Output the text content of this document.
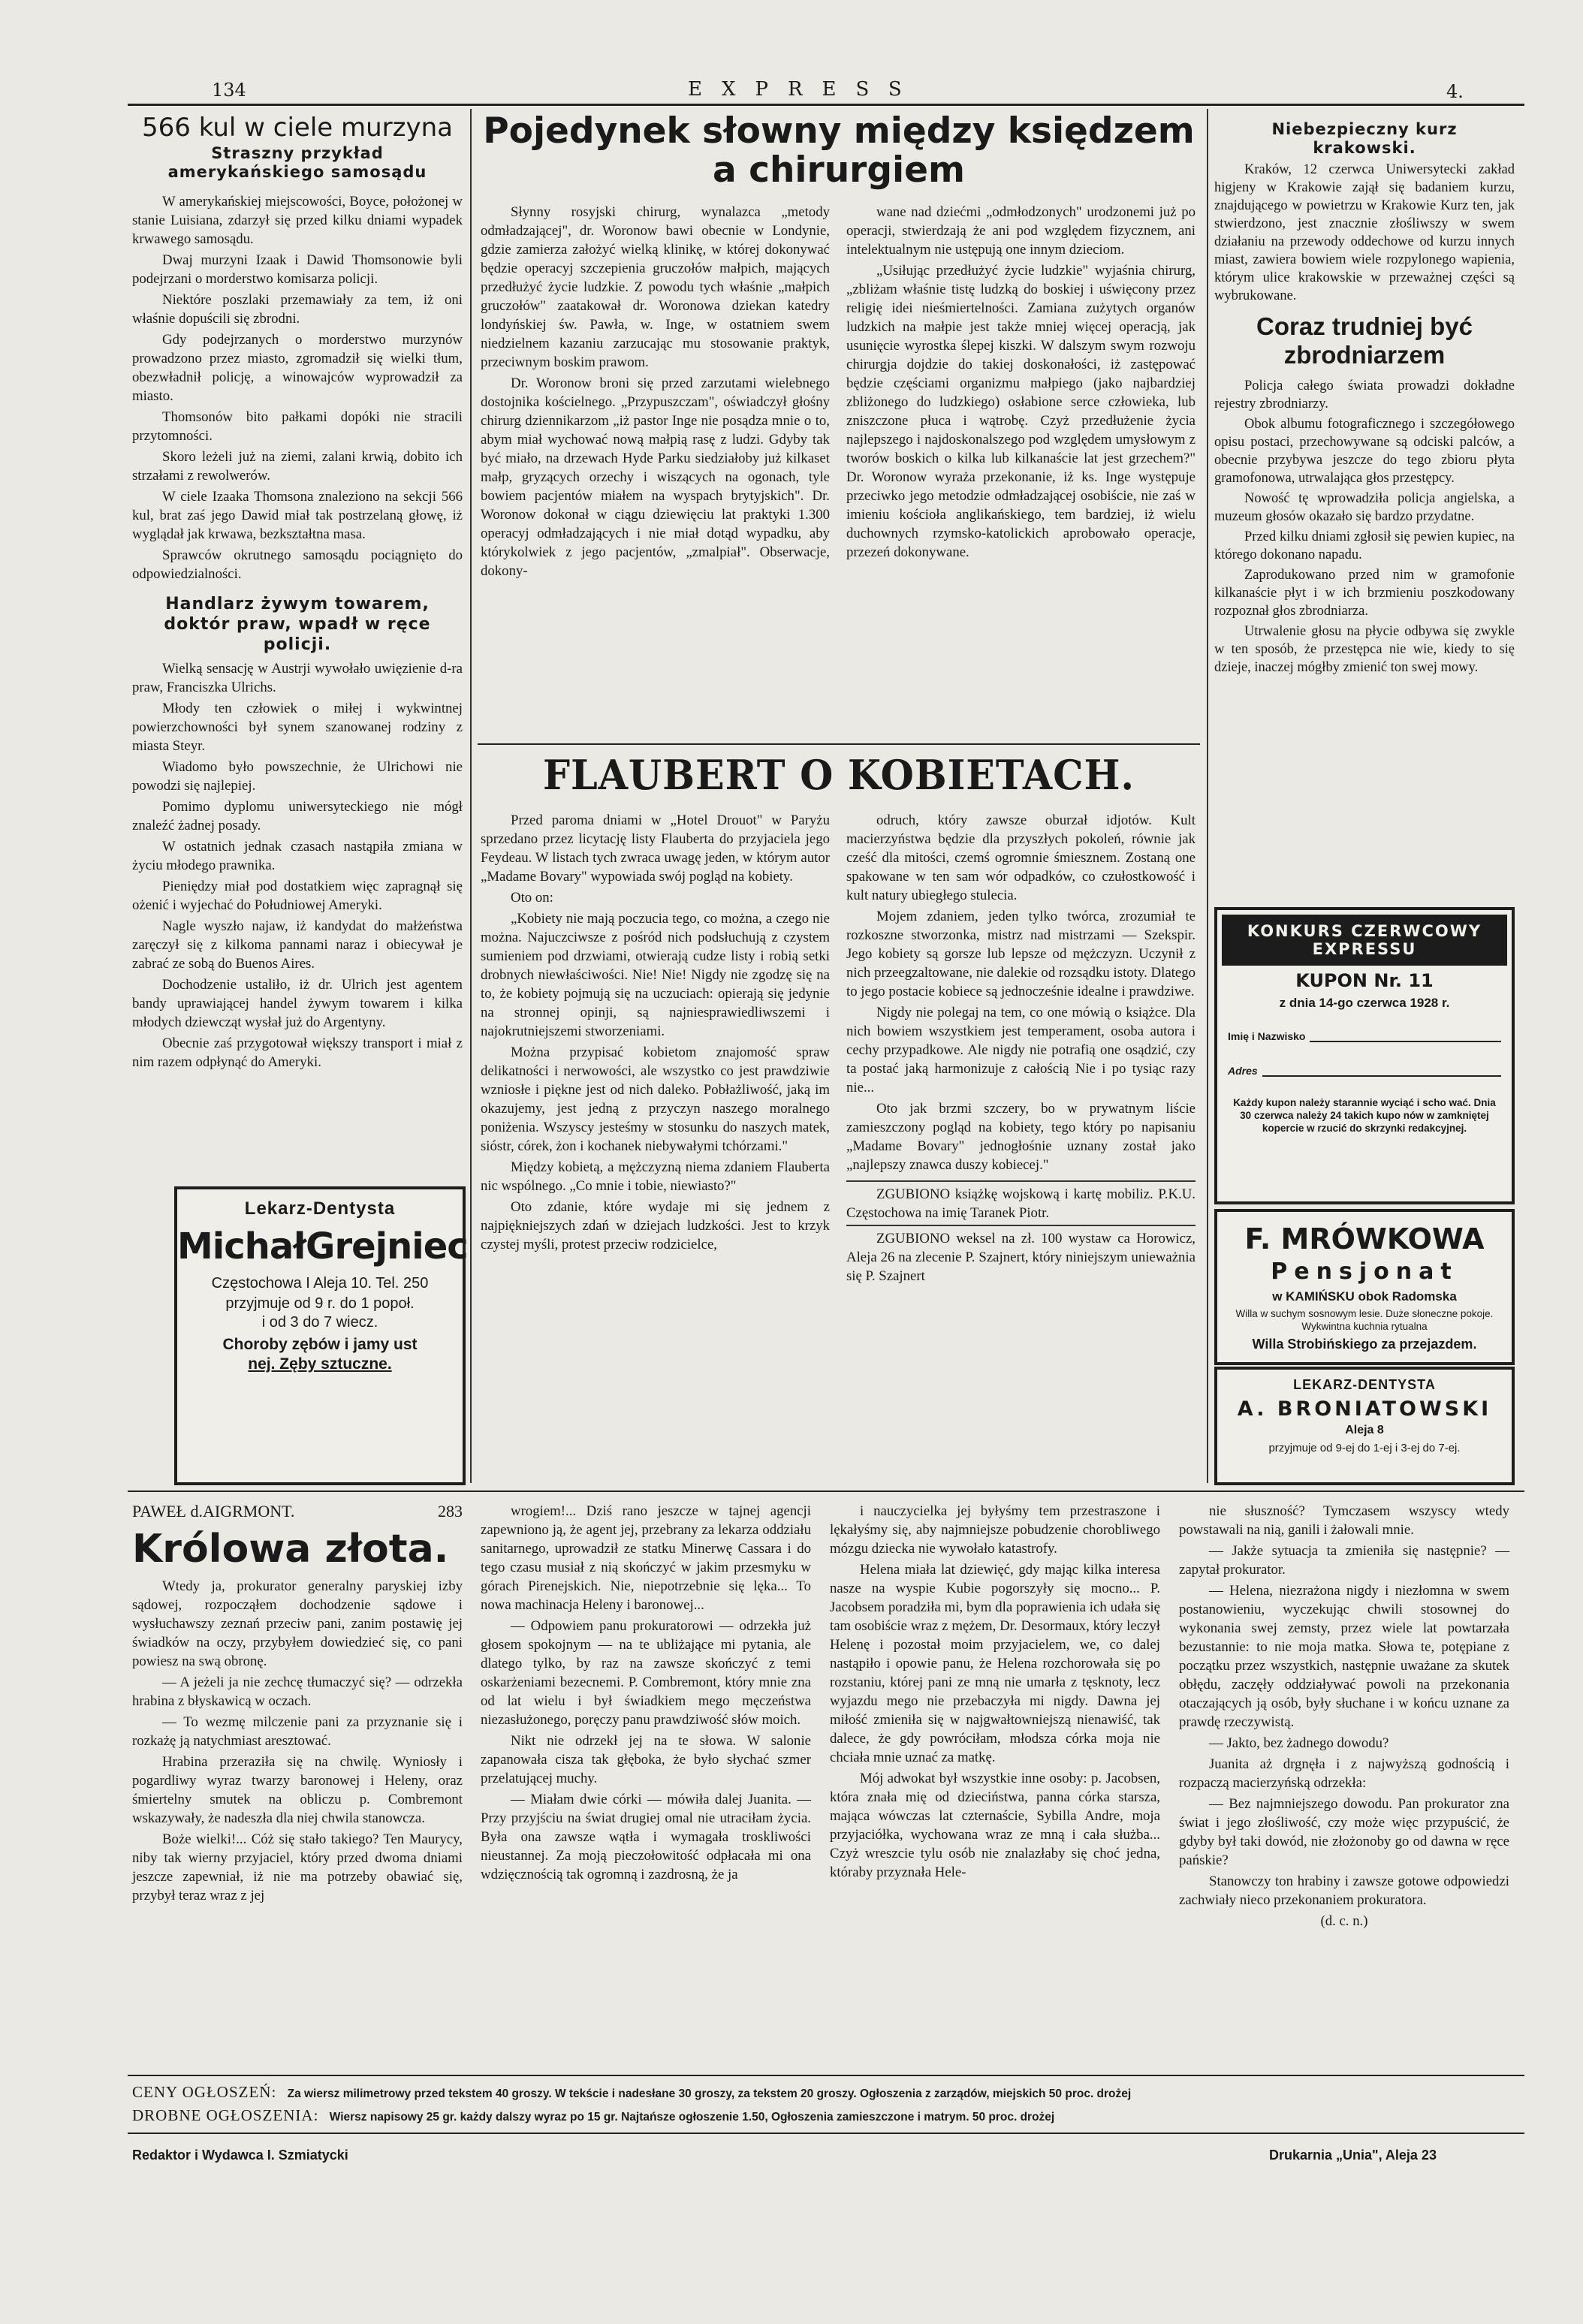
134	EXPRESS	4.
566 kul w ciele murzyna
Straszny przykład amerykańskiego samosądu

W amerykańskiej miejscowości, Boyce, położonej w stanie Luisiana, zdarzył się przed kilku dniami wypadek krwawego samosądu.

Dwaj murzyni Izaak i Dawid Thomsonowie byli podejrzani o morderstwo komisarza policji.

Niektóre poszlaki przemawiały za tem, iż oni właśnie dopuścili się zbrodni.

Gdy podejrzanych o morderstwo murzynów prowadzono przez miasto, zgromadził się wielki tłum, obezwładnił policję, a winowajców wyprowadził za miasto.

Thomsonów bito pałkami dopóki nie stracili przytomności.

Skoro leżeli już na ziemi, zalani krwią, dobito ich strzałami z rewolwerów.

W ciele Izaaka Thomsona znaleziono na sekcji 566 kul, brat zaś jego Dawid miał tak postrzelaną głowę, iż wyglądał jak krwawa, bezkształtna masa.

Sprawców okrutnego samosądu pociągnięto do odpowiedzialności.

Handlarz żywym towarem, doktór praw, wpadł w ręce policji.

Wielką sensację w Austrji wywołało uwięzienie d-ra praw, Franciszka Ulrichs.

Młody ten człowiek o miłej i wykwintnej powierzchowności był synem szanowanej rodziny z miasta Steyr.

Wiadomo było powszechnie, że Ulrichowi nie powodzi się najlepiej.

Pomimo dyplomu uniwersyteckiego nie mógł znaleźć żadnej posady.

W ostatnich jednak czasach nastąpiła zmiana w życiu młodego prawnika.

Pieniędzy miał pod dostatkiem więc zapragnął się ożenić i wyjechać do Południowej Ameryki.

Nagle wyszło najaw, iż kandydat do małżeństwa zaręczył się z kilkoma pannami naraz i obiecywał je zabrać ze sobą do Buenos Aires.

Dochodzenie ustaliło, iż dr. Ulrich jest agentem bandy uprawiającej handel żywym towarem i kilka młodych dziewcząt wysłał już do Argentyny.

Obecnie zaś przygotował większy transport i miał z nim razem odpłynąć do Ameryki.

Lekarz-Dentysta
MichałGrejniec
Częstochowa I Aleja 10. Tel. 250
przyjmuje od 9 r. do 1 popoł.
i od 3 do 7 wiecz.
Choroby zębów i jamy ust
nej. Zęby sztuczne.
Pojedynek słowny między księdzem
a chirurgiem

Słynny rosyjski chirurg, wynalazca „metody odmładzającej", dr. Woronow bawi obecnie w Londynie, gdzie zamierza założyć wielką klinikę, w której dokonywać będzie operacyj szczepienia gruczołów małpich, mających przedłużyć życie ludzkie. Z powodu tych właśnie „małpich gruczołów" zaatakował dr. Woronowa dziekan katedry londyńskiej św. Pawła, w. Inge, w ostatniem swem niedzielnem kazaniu zarzucając mu stosowanie praktyk, przeciwnym boskim prawom.

Dr. Woronow broni się przed zarzutami wielebnego dostojnika kościelnego. „Przypuszczam", oświadczył głośny chirurg dziennikarzom „iż pastor Inge nie posądza mnie o to, abym miał wychować nową małpią rasę z ludzi. Gdyby tak być miało, na drzewach Hyde Parku siedziałoby już kilkaset małp, gryzących orzechy i wiszących na ogonach, tyle bowiem pacjentów miałem na wyspach brytyjskich". Dr. Woronow dokonał w ciągu dziewięciu lat praktyki 1.300 operacyj odmładzających i nie miał dotąd wypadku, aby którykolwiek z jego pacjentów, „zmalpiał". Obserwacje, dokony-

wane nad dziećmi „odmłodzonych" urodzonemi już po operacji, stwierdzają że ani pod względem fizycznem, ani intelektualnym nie ustępują one innym dzieciom.

„Usiłując przedłużyć życie ludzkie" wyjaśnia chirurg, „zbliżam właśnie tistę ludzką do boskiej i uświęcony przez religię idei nieśmiertelności. Zamiana zużytych organów ludzkich na małpie jest także mniej więcej operacją, jak usunięcie wyrostka ślepej kiszki. W dalszym swym rozwoju chirurgja dojdzie do takiej doskonałości, iż zastępować będzie częściami organizmu małpiego (jako najbardziej zbliżonego do ludzkiego) osłabione serce człowieka, lub zniszczone płuca i wątrobę. Czyż przedłużenie życia najlepszego i najdoskonalszego pod względem umysłowym z tworów boskich o kilka lub kilkanaście lat jest grzechem?" Dr. Woronow wyraża przekonanie, iż ks. Inge występuje przeciwko jego metodzie odmładzającej osobiście, nie zaś w imieniu kościoła anglikańskiego, tem bardziej, iż wielu duchownych rzymsko-katolickich aprobowało operacje, przezeń dokonywane.

FLAUBERT O KOBIETACH.

Przed paroma dniami w „Hotel Drouot" w Paryżu sprzedano przez licytację listy Flauberta do przyjaciela jego Feydeau. W listach tych zwraca uwagę jeden, w którym autor „Madame Bovary" wypowiada swój pogląd na kobiety.

Oto on:

„Kobiety nie mają poczucia tego, co można, a czego nie można. Najuczciwsze z pośród nich podsłuchują z czystem sumieniem pod drzwiami, otwierają cudze listy i robią setki drobnych niewłaściwości. Nie! Nie! Nigdy nie zgodzę się na to, że kobiety pojmują się na uczuciach: opierają się jedynie na stronnej opinji, są najniesprawiedliwszemi i najokrutniejszemi stworzeniami.

Można przypisać kobietom znajomość spraw delikatności i nerwowości, ale wszystko co jest prawdziwie wzniosłe i piękne jest od nich daleko. Pobłażliwość, jaką im okazujemy, jest jedną z przyczyn naszego moralnego poniżenia. Wszyscy jesteśmy w stosunku do naszych matek, sióstr, córek, żon i kochanek niebywałymi tchórzami."

Między kobietą, a mężczyzną niema zdaniem Flauberta nic wspólnego. „Co mnie i tobie, niewiasto?"

Oto zdanie, które wydaje mi się jednem z najpiękniejszych zdań w dziejach ludzkości. Jest to krzyk czystej myśli, protest przeciw rodzicielce,

odruch, który zawsze oburzał idjotów. Kult macierzyństwa będzie dla przyszłych pokoleń, równie jak cześć dla mitości, czemś ogromnie śmiesznem. Zostaną one spakowane w ten sam wór odpadków, co czułostkowość i kult natury ubiegłego stulecia.

Mojem zdaniem, jeden tylko twórca, zrozumiał te rozkoszne stworzonka, mistrz nad mistrzami — Szekspir. Jego kobiety są gorsze lub lepsze od mężczyzn. Uczynił z nich przeegzaltowane, nie dalekie od rozsądku istoty. Dlatego to jego postacie kobiece są jednocześnie idealne i prawdziwe.

Nigdy nie polegaj na tem, co one mówią o książce. Dla nich bowiem wszystkiem jest temperament, osoba autora i cechy przypadkowe. Ale nigdy nie potrafią one osądzić, czy ta postać jaką harmonizuje z całością Nie i po tysiąc razy nie...

Oto jak brzmi szczery, bo w prywatnym liście zamieszczony pogląd na kobiety, tego który po napisaniu „Madame Bovary" jednogłośnie uznany został jako „najlepszy znawca duszy kobiecej."

ZGUBIONO książkę wojskową i kartę mobiliz. P.K.U. Częstochowa na imię Taranek Piotr.

ZGUBIONO weksel na zł. 100 wystaw ca Horowicz, Aleja 26 na zlecenie P. Szajnert, który niniejszym unieważnia się P. Szajnert

Niebezpieczny kurz krakowski.

Kraków, 12 czerwca Uniwersytecki zakład higjeny w Krakowie zajął się badaniem kurzu, znajdującego w powietrzu w Krakowie Kurz ten, jak stwierdzono, jest znacznie złośliwszy w swem działaniu na przewody oddechowe od kurzu innych miast, zawiera bowiem wiele rozpylonego wapienia, którym ulice krakowskie w przeważnej części są wybrukowane.

Coraz trudniej być zbrodniarzem

Policja całego świata prowadzi dokładne rejestry zbrodniarzy.

Obok albumu fotograficznego i szczegółowego opisu postaci, przechowywane są odciski palców, a obecnie przybywa jeszcze do tego zbioru płyta gramofonowa, utrwalająca głos przestępcy.

Nowość tę wprowadziła policja angielska, a muzeum głosów okazało się bardzo przydatne.

Przed kilku dniami zgłosił się pewien kupiec, na którego dokonano napadu.

Zaprodukowano przed nim w gramofonie kilkanaście płyt i w ich brzmieniu poszkodowany rozpoznał głos zbrodniarza.

Utrwalenie głosu na płycie odbywa się zwykle w ten sposób, że przestępca nie wie, kiedy to się dzieje, inaczej mógłby zmienić ton swej mowy.

KONKURS CZERWCOWY EXPRESSU
KUPON Nr. 11
z dnia 14-go czerwca 1928 r.
Imię i Nazwisko
Adres
Każdy kupon należy starannie wyciąć i scho wać. Dnia 30 czerwca należy 24 takich kupo nów w zamkniętej kopercie w rzucić do skrzynki redakcyjnej.
F. MRÓWKOWA
Pensjonat
w KAMIŃSKU obok Radomska
Willa w suchym sosnowym lesie. Duże słoneczne pokoje. Wykwintna kuchnia rytualna
Willa Strobińskiego za przejazdem.
LEKARZ-DENTYSTA
A. BRONIATOWSKI
Aleja 8
przyjmuje od 9-ej do 1-ej i 3-ej do 7-ej.
PAWEŁ d.AIGRMONT.	283
Królowa złota.

Wtedy ja, prokurator generalny paryskiej izby sądowej, rozpocząłem dochodzenie sądowe i wysłuchawszy zeznań przeciw pani, zanim postawię jej świadków na oczy, przybyłem dowiedzieć się, co pani powiesz na swą obronę.

— A jeżeli ja nie zechcę tłumaczyć się? — odrzekła hrabina z błyskawicą w oczach.

— To wezmę milczenie pani za przyznanie się i rozkażę ją natychmiast aresztować.

Hrabina przeraziła się na chwilę. Wyniosły i pogardliwy wyraz twarzy baronowej i Heleny, oraz śmiertelny smutek na obliczu p. Combremont wskazywały, że nadeszła dla niej chwila stanowcza.

Boże wielki!... Cóż się stało takiego? Ten Maurycy, niby tak wierny przyjaciel, który przed dwoma dniami jeszcze zapewniał, iż nie ma potrzeby obawiać się, przybył teraz wraz z jej

wrogiem!... Dziś rano jeszcze w tajnej agencji zapewniono ją, że agent jej, przebrany za lekarza oddziału sanitarnego, uprowadził ze statku Minerwę Cassara i do tego czasu musiał z nią skończyć w jakim przesmyku w górach Pirenejskich. Nie, niepotrzebnie się lęka... To nowa machinacja Heleny i baronowej...

— Odpowiem panu prokuratorowi — odrzekła już głosem spokojnym — na te ubliżające mi pytania, ale dlatego tylko, by raz na zawsze skończyć z temi oskarżeniami bezecnemi. P. Combremont, który mnie zna od lat wielu i był świadkiem mego męczeństwa niezasłużonego, poręczy panu prawdziwość słów moich.

Nikt nie odrzekł jej na te słowa. W salonie zapanowała cisza tak głęboka, że było słychać szmer przelatującej muchy.

— Miałam dwie córki — mówiła dalej Juanita. — Przy przyjściu na świat drugiej omal nie utraciłam życia. Była ona zawsze wątła i wymagała troskliwości nieustannej. Za moją pieczołowitość odpłacała mi ona wdzięcznością tak ogromną i zazdrosną, że ja

i nauczycielka jej byłyśmy tem przestraszone i lękałyśmy się, aby najmniejsze pobudzenie chorobliwego mózgu dziecka nie wywołało katastrofy.

Helena miała lat dziewięć, gdy mając kilka interesa nasze na wyspie Kubie pogorszyły się mocno... P. Jacobsem poradziła mi, bym dla poprawienia ich udała się tam osobiście wraz z mężem, Dr. Desormaux, który leczył Helenę i pozostał moim przyjacielem, we, co dalej nastąpiło i opowie panu, że Helena rozchorowała się po rozstaniu, której pani ze mną nie umarła z tęsknoty, lecz wyjazdu mego nie przebaczyła mi nigdy. Dawna jej miłość zmieniła się w najgwałtowniejszą nienawiść, tak dalece, że gdy powróciłam, młodsza córka moja nie chciała mnie uznać za matkę.

Mój adwokat był wszystkie inne osoby: p. Jacobsen, która znała mię od dzieciństwa, panna córka starsza, mająca wówczas lat czternaście, Sybilla Andre, moja przyjaciółka, wychowana wraz ze mną i cała służba... Czyż wreszcie tylu osób nie znalazłaby się choć jedna, któraby przyznała Hele-

nie słuszność? Tymczasem wszyscy wtedy powstawali na nią, ganili i żałowali mnie.

— Jakże sytuacja ta zmieniła się następnie? — zapytał prokurator.

— Helena, niezrażona nigdy i niezłomna w swem postanowieniu, wyczekując chwili stosownej do wykonania swej zemsty, przez wiele lat powtarzała bezustannie: to nie moja matka. Słowa te, potępiane z początku przez wszystkich, następnie uważane za skutek obłędu, zaczęły oddziaływać powoli na przekonania otaczających ją osób, były słuchane i w końcu uznane za prawdę rzeczywistą.

— Jakto, bez żadnego dowodu?

Juanita aż drgnęła i z najwyższą godnością i rozpaczą macierzyńską odrzekła:

— Bez najmniejszego dowodu. Pan prokurator zna świat i jego złośliwość, czy może więc przypuścić, że gdyby był taki dowód, nie złożonoby go od dawna w ręce pańskie?

Stanowczy ton hrabiny i zawsze gotowe odpowiedzi zachwiały nieco przekonaniem prokuratora.

(d. c. n.)

CENY OGŁOSZEŃ: Za wiersz milimetrowy przed tekstem 40 groszy. W tekście i nadesłane 30 groszy, za tekstem 20 groszy. Ogłoszenia z zarządów, miejskich 50 proc. drożej
DROBNE OGŁOSZENIA: Wiersz napisowy 25 gr. każdy dalszy wyraz po 15 gr. Najtańsze ogłoszenie 1.50, Ogłoszenia zamieszczone i matrym. 50 proc. drożej
Redaktor i Wydawca I. Szmiatycki	Drukarnia „Unia", Aleja 23
